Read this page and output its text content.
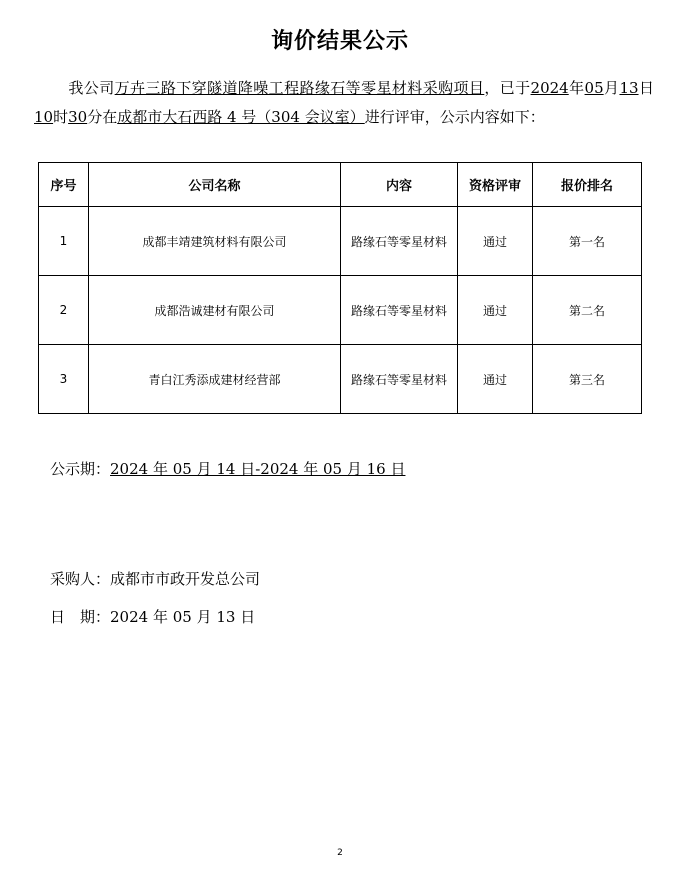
询价结果公示
我公司万卉三路下穿隧道降噪工程路缘石等零星材料采购项目，已于2024年05月13日10时30分在成都市大石西路 4 号（304 会议室）进行评审，公示内容如下：
序号	公司名称	内容	资格评审	报价排名
1	成都丰靖建筑材料有限公司	路缘石等零星材料	通过	第一名
2	成都浩诚建材有限公司	路缘石等零星材料	通过	第二名
3	青白江秀添成建材经营部	路缘石等零星材料	通过	第三名
公示期：2024 年 05 月 14 日-2024 年 05 月 16 日
采购人：成都市市政开发总公司
日　期：2024 年 05 月 13 日
2
